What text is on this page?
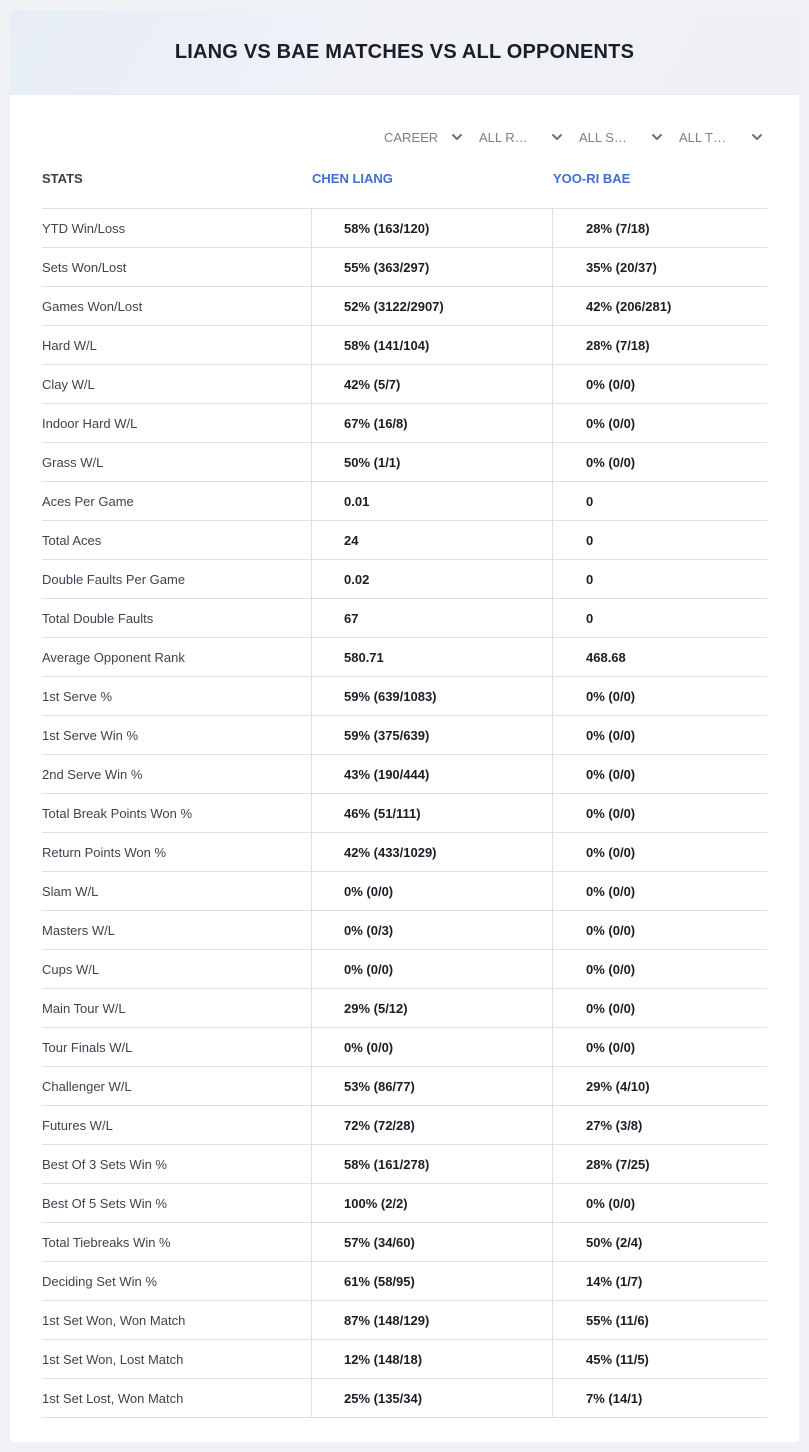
LIANG VS BAE MATCHES VS ALL OPPONENTS
CAREER	ALL R…	ALL S…	ALL T…
STATS	CHEN LIANG	YOO-RI BAE
YTD Win/Loss	58% (163/120)	28% (7/18)
Sets Won/Lost	55% (363/297)	35% (20/37)
Games Won/Lost	52% (3122/2907)	42% (206/281)
Hard W/L	58% (141/104)	28% (7/18)
Clay W/L	42% (5/7)	0% (0/0)
Indoor Hard W/L	67% (16/8)	0% (0/0)
Grass W/L	50% (1/1)	0% (0/0)
Aces Per Game	0.01	0
Total Aces	24	0
Double Faults Per Game	0.02	0
Total Double Faults	67	0
Average Opponent Rank	580.71	468.68
1st Serve %	59% (639/1083)	0% (0/0)
1st Serve Win %	59% (375/639)	0% (0/0)
2nd Serve Win %	43% (190/444)	0% (0/0)
Total Break Points Won %	46% (51/111)	0% (0/0)
Return Points Won %	42% (433/1029)	0% (0/0)
Slam W/L	0% (0/0)	0% (0/0)
Masters W/L	0% (0/3)	0% (0/0)
Cups W/L	0% (0/0)	0% (0/0)
Main Tour W/L	29% (5/12)	0% (0/0)
Tour Finals W/L	0% (0/0)	0% (0/0)
Challenger W/L	53% (86/77)	29% (4/10)
Futures W/L	72% (72/28)	27% (3/8)
Best Of 3 Sets Win %	58% (161/278)	28% (7/25)
Best Of 5 Sets Win %	100% (2/2)	0% (0/0)
Total Tiebreaks Win %	57% (34/60)	50% (2/4)
Deciding Set Win %	61% (58/95)	14% (1/7)
1st Set Won, Won Match	87% (148/129)	55% (11/6)
1st Set Won, Lost Match	12% (148/18)	45% (11/5)
1st Set Lost, Won Match	25% (135/34)	7% (14/1)
